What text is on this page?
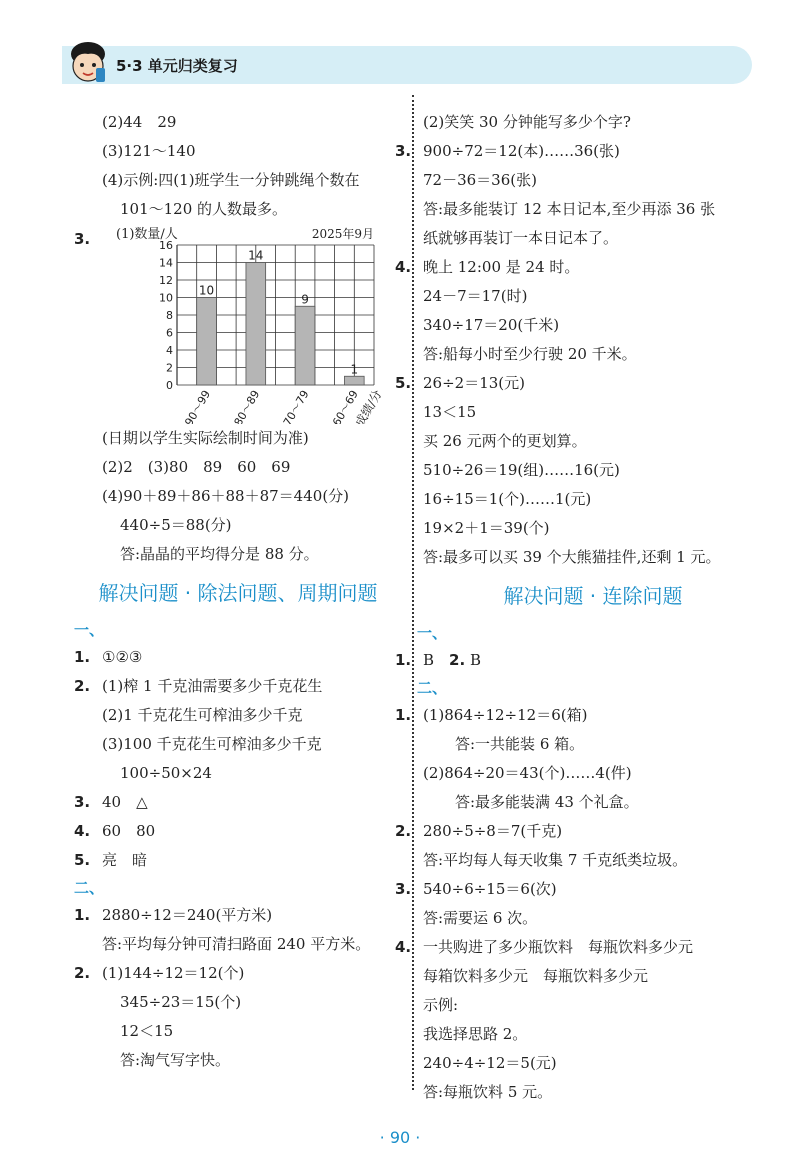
5·3 单元归类复习
(2)44　29
(3)121～140
(4)示例:四(1)班学生一分钟跳绳个数在
101～120 的人数最多。
3. (1)数量/人	2025年9月
0
2
4
6
8
10
12
14
16
10
90～99
14
80～89
9
70～79
1
60～69
成绩/分
(日期以学生实际绘制时间为准)
(2)2　(3)80　89　60　69
(4)90＋89＋86＋88＋87＝440(分)
440÷5＝88(分)
答:晶晶的平均得分是 88 分。
解决问题 · 除法问题、周期问题
一、
1. ①②③
2. (1)榨 1 千克油需要多少千克花生
(2)1 千克花生可榨油多少千克
(3)100 千克花生可榨油多少千克
100÷50×24
3. 40　△
4. 60　80
5. 亮　暗
二、
1. 2880÷12＝240(平方米)
答:平均每分钟可清扫路面 240 平方米。
2. (1)144÷12＝12(个)
345÷23＝15(个)
12＜15
答:淘气写字快。
(2)笑笑 30 分钟能写多少个字?
3. 900÷72＝12(本)……36(张)
72－36＝36(张)
答:最多能装订 12 本日记本,至少再添 36 张
纸就够再装订一本日记本了。
4. 晚上 12:00 是 24 时。
24－7＝17(时)
340÷17＝20(千米)
答:船每小时至少行驶 20 千米。
5. 26÷2＝13(元)
13＜15
买 26 元两个的更划算。
510÷26＝19(组)……16(元)
16÷15＝1(个)……1(元)
19×2＋1＝39(个)
答:最多可以买 39 个大熊猫挂件,还剩 1 元。
解决问题 · 连除问题
一、
1. B　2. B
二、
1. (1)864÷12÷12＝6(箱)
答:一共能装 6 箱。
(2)864÷20＝43(个)……4(件)
答:最多能装满 43 个礼盒。
2. 280÷5÷8＝7(千克)
答:平均每人每天收集 7 千克纸类垃圾。
3. 540÷6÷15＝6(次)
答:需要运 6 次。
4. 一共购进了多少瓶饮料　每瓶饮料多少元
每箱饮料多少元　每瓶饮料多少元
示例:
我选择思路 2。
240÷4÷12＝5(元)
答:每瓶饮料 5 元。
· 90 ·
